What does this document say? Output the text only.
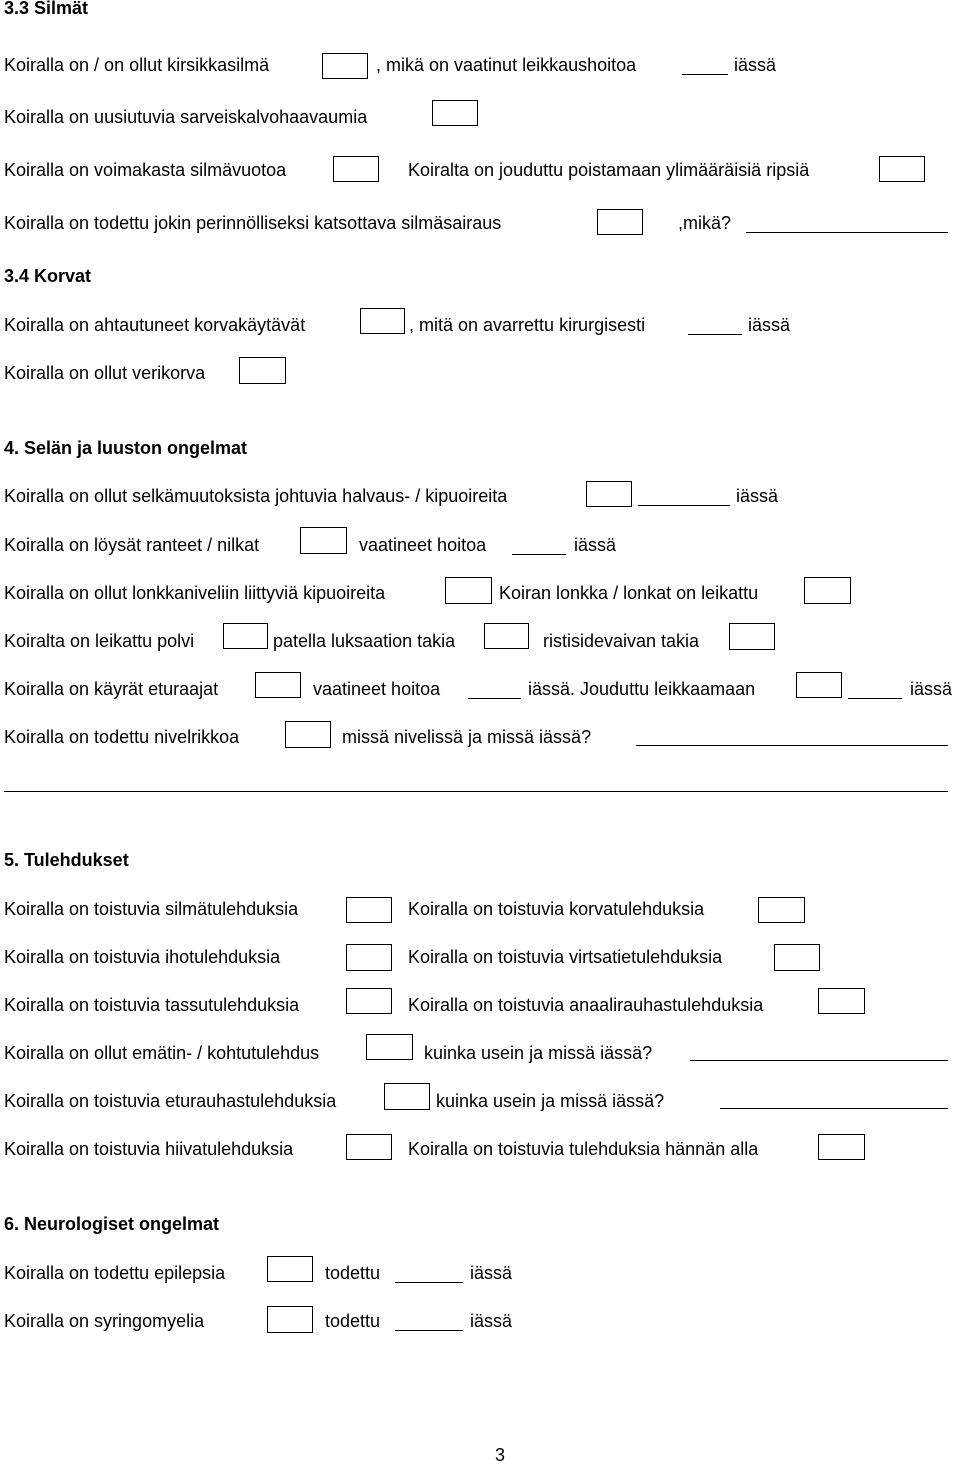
3.3 Silmät
Koiralla on / on ollut kirsikkasilmä	, mikä on vaatinut leikkaushoitoa	iässä
Koiralla on uusiutuvia sarveiskalvohaavaumia
Koiralla on voimakasta silmävuotoa	Koiralta on jouduttu poistamaan ylimääräisiä ripsiä
Koiralla on todettu jokin perinnölliseksi katsottava silmäsairaus	,mikä?
3.4 Korvat
Koiralla on ahtautuneet korvakäytävät	, mitä on avarrettu kirurgisesti	iässä
Koiralla on ollut verikorva
4. Selän ja luuston ongelmat
Koiralla on ollut selkämuutoksista johtuvia halvaus- / kipuoireita	iässä
Koiralla on löysät ranteet / nilkat	vaatineet hoitoa	iässä
Koiralla on ollut lonkkaniveliin liittyviä kipuoireita	Koiran lonkka / lonkat on leikattu
Koiralta on leikattu polvi	patella luksaation takia	ristisidevaivan takia
Koiralla on käyrät eturaajat	vaatineet hoitoa	iässä. Jouduttu leikkaamaan	iässä
Koiralla on todettu nivelrikkoa	missä nivelissä ja missä iässä?
5. Tulehdukset
Koiralla on toistuvia silmätulehduksia	Koiralla on toistuvia korvatulehduksia
Koiralla on toistuvia ihotulehduksia	Koiralla on toistuvia virtsatietulehduksia
Koiralla on toistuvia tassutulehduksia	Koiralla on toistuvia anaalirauhastulehduksia
Koiralla on ollut emätin- / kohtutulehdus	kuinka usein ja missä iässä?
Koiralla on toistuvia eturauhastulehduksia	kuinka usein ja missä iässä?
Koiralla on toistuvia hiivatulehduksia	Koiralla on toistuvia tulehduksia hännän alla
6. Neurologiset ongelmat
Koiralla on todettu epilepsia	todettu	iässä
Koiralla on syringomyelia	todettu	iässä
3
